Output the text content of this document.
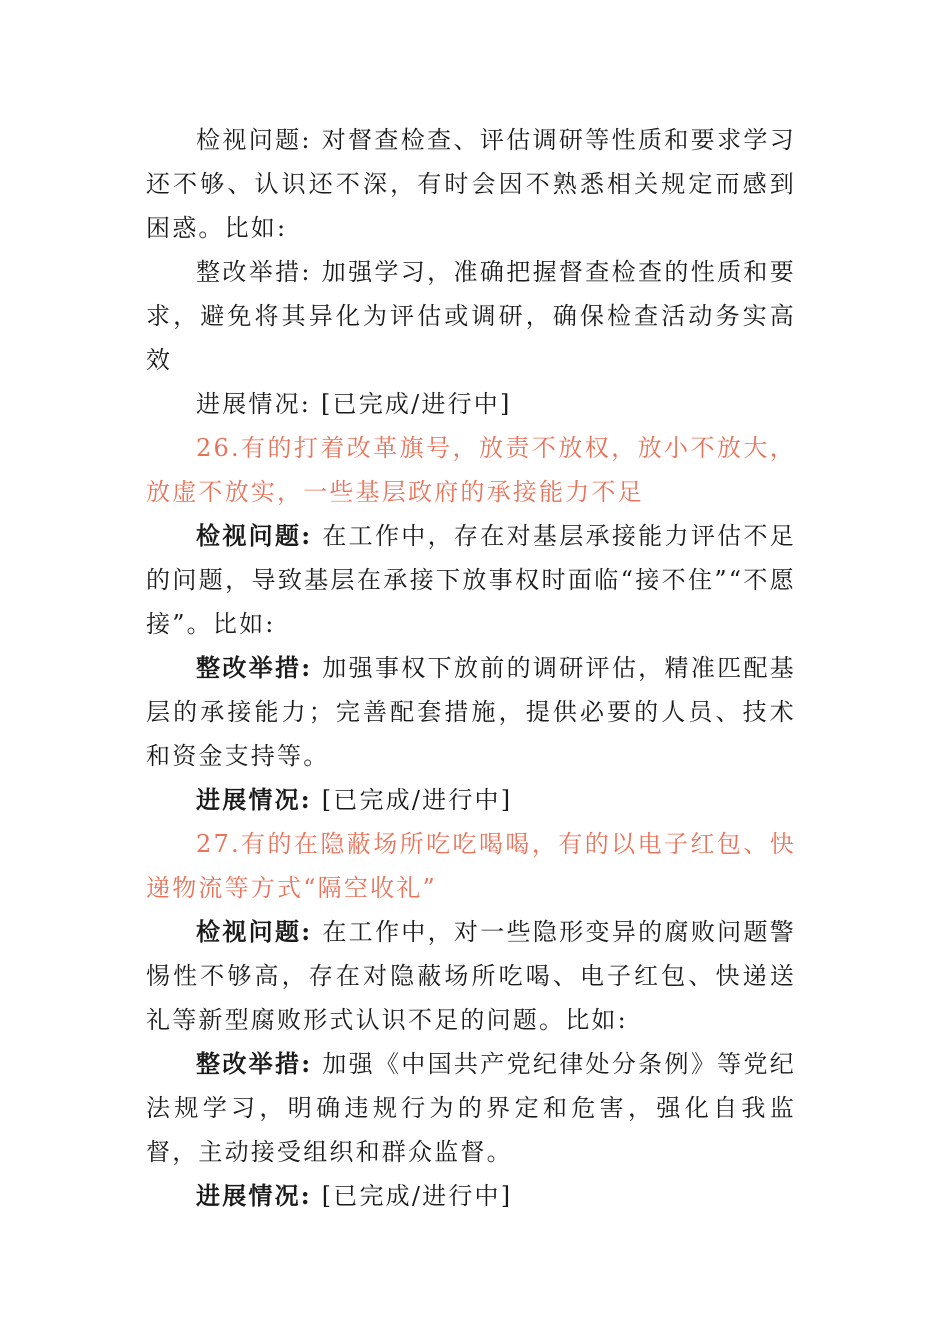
检视问题: 对督查检查、评估调研等性质和要求学习还不够、认识还不深，有时会因不熟悉相关规定而感到困惑。比如:

整改举措: 加强学习，准确把握督查检查的性质和要求，避免将其异化为评估或调研，确保检查活动务实高效

进展情况: [已完成/进行中]

26.有的打着改革旗号，放责不放权，放小不放大，放虚不放实，一些基层政府的承接能力不足

检视问题: 在工作中，存在对基层承接能力评估不足的问题，导致基层在承接下放事权时面临“接不住”“不愿接”。比如:

整改举措: 加强事权下放前的调研评估，精准匹配基层的承接能力；完善配套措施，提供必要的人员、技术和资金支持等。

进展情况: [已完成/进行中]

27.有的在隐蔽场所吃吃喝喝，有的以电子红包、快递物流等方式“隔空收礼”

检视问题: 在工作中，对一些隐形变异的腐败问题警惕性不够高，存在对隐蔽场所吃喝、电子红包、快递送礼等新型腐败形式认识不足的问题。比如:

整改举措: 加强《中国共产党纪律处分条例》等党纪法规学习，明确违规行为的界定和危害，强化自我监督，主动接受组织和群众监督。

进展情况: [已完成/进行中]
